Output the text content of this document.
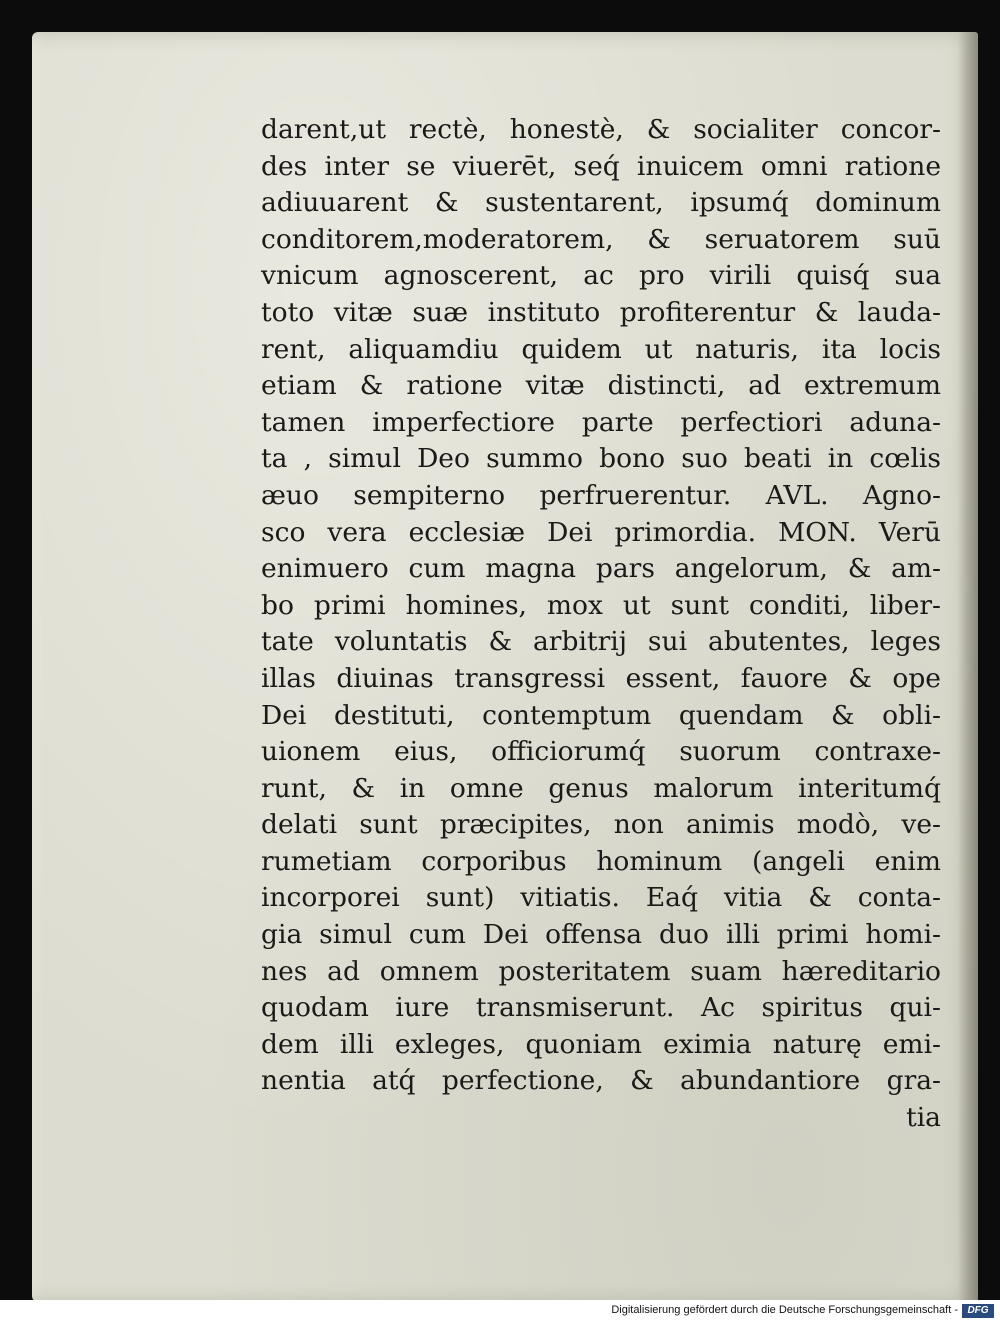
darent,ut rectè, honestè, & socialiter concor-
des inter se viuerēt, seq́ inuicem omni ratione
adiuuarent & sustentarent, ipsumq́ dominum
conditorem,moderatorem, & seruatorem suū
vnicum agnoscerent, ac pro virili quisq́ sua
toto vitæ suæ instituto profiterentur & lauda-
rent, aliquamdiu quidem ut naturis, ita locis
etiam & ratione vitæ distincti, ad extremum
tamen imperfectiore parte perfectiori aduna-
ta , simul Deo summo bono suo beati in cœlis
æuo sempiterno perfruerentur. AVL. Agno-
sco vera ecclesiæ Dei primordia. MON. Verū
enimuero cum magna pars angelorum, & am-
bo primi homines, mox ut sunt conditi, liber-
tate voluntatis & arbitrij sui abutentes, leges
illas diuinas transgressi essent, fauore & ope
Dei destituti, contemptum quendam & obli-
uionem eius, officiorumq́ suorum contraxe-
runt, & in omne genus malorum interitumq́
delati sunt præcipites, non animis modò, ve-
rumetiam corporibus hominum (angeli enim
incorporei sunt) vitiatis. Eaq́ vitia & conta-
gia simul cum Dei offensa duo illi primi homi-
nes ad omnem posteritatem suam hæreditario
quodam iure transmiserunt. Ac spiritus qui-
dem illi exleges, quoniam eximia naturę emi-
nentia atq́ perfectione, & abundantiore gra-
tia
Digitalisierung gefördert durch die Deutsche Forschungsgemeinschaft - DFG
